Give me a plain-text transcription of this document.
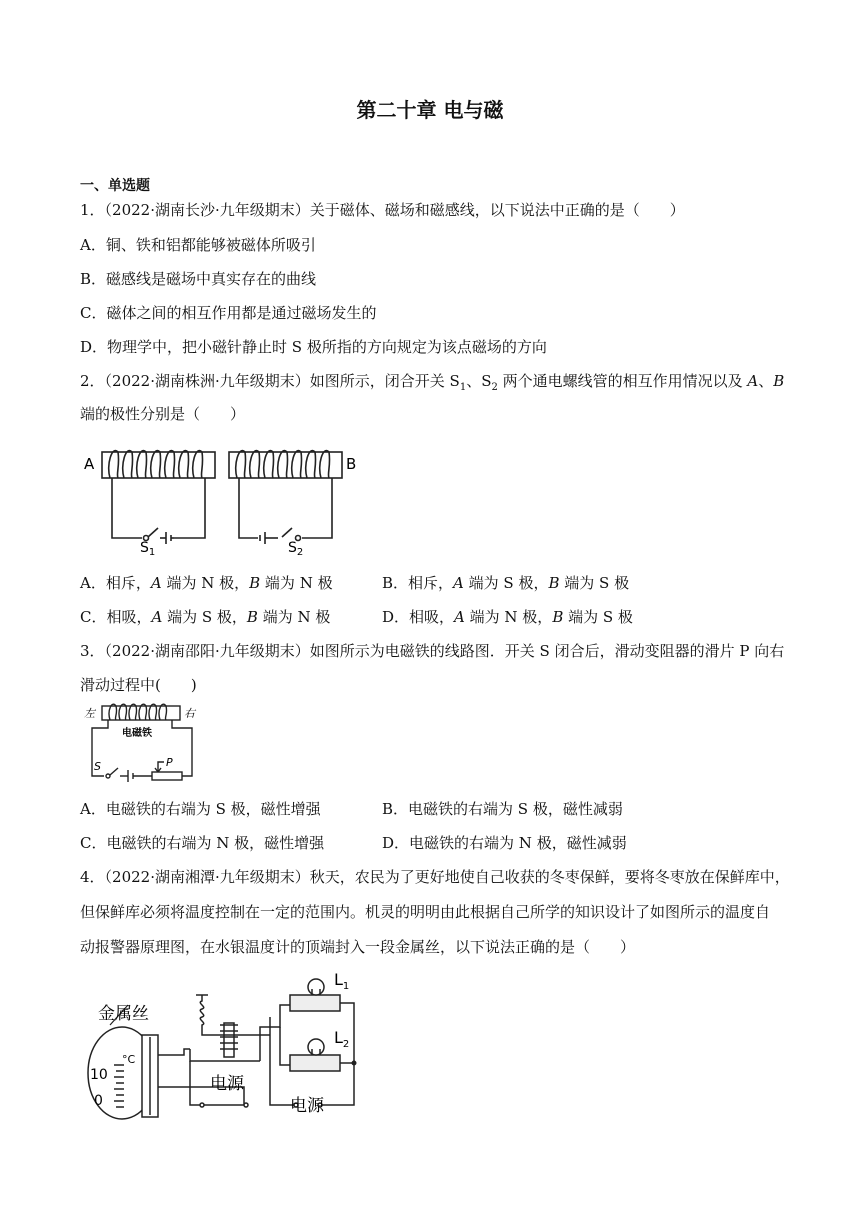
第二十章 电与磁
一、单选题
1．（2022·湖南长沙·九年级期末）关于磁体、磁场和磁感线，以下说法中正确的是（　　）
A．铜、铁和铝都能够被磁体所吸引
B．磁感线是磁场中真实存在的曲线
C．磁体之间的相互作用都是通过磁场发生的
D．物理学中，把小磁针静止时 S 极所指的方向规定为该点磁场的方向
2．（2022·湖南株洲·九年级期末）如图所示，闭合开关 $S_1$、$S_2$ 两个通电螺线管的相互作用情况以及 A、B
端的极性分别是（　　）
A	B
$S_1$	$S_2$
A．相斥，A 端为 N 极，B 端为 N 极	B．相斥，A 端为 S 极，B 端为 S 极
C．相吸，A 端为 S 极，B 端为 N 极	D．相吸，A 端为 N 极，B 端为 S 极
3．（2022·湖南邵阳·九年级期末）如图所示为电磁铁的线路图．开关 S 闭合后，滑动变阻器的滑片 P 向右
滑动过程中(　　)
左	右
电磁铁
S	P
A．电磁铁的右端为 S 极，磁性增强	B．电磁铁的右端为 S 极，磁性减弱
C．电磁铁的右端为 N 极，磁性增强	D．电磁铁的右端为 N 极，磁性减弱
4．（2022·湖南湘潭·九年级期末）秋天，农民为了更好地使自己收获的冬枣保鲜，要将冬枣放在保鲜库中，
但保鲜库必须将温度控制在一定的范围内。机灵的明明由此根据自己所学的知识设计了如图所示的温度自
动报警器原理图，在水银温度计的顶端封入一段金属丝，以下说法正确的是（　　）
金属丝
°C
10
0
电源
电源
$L_1$
$L_2$
